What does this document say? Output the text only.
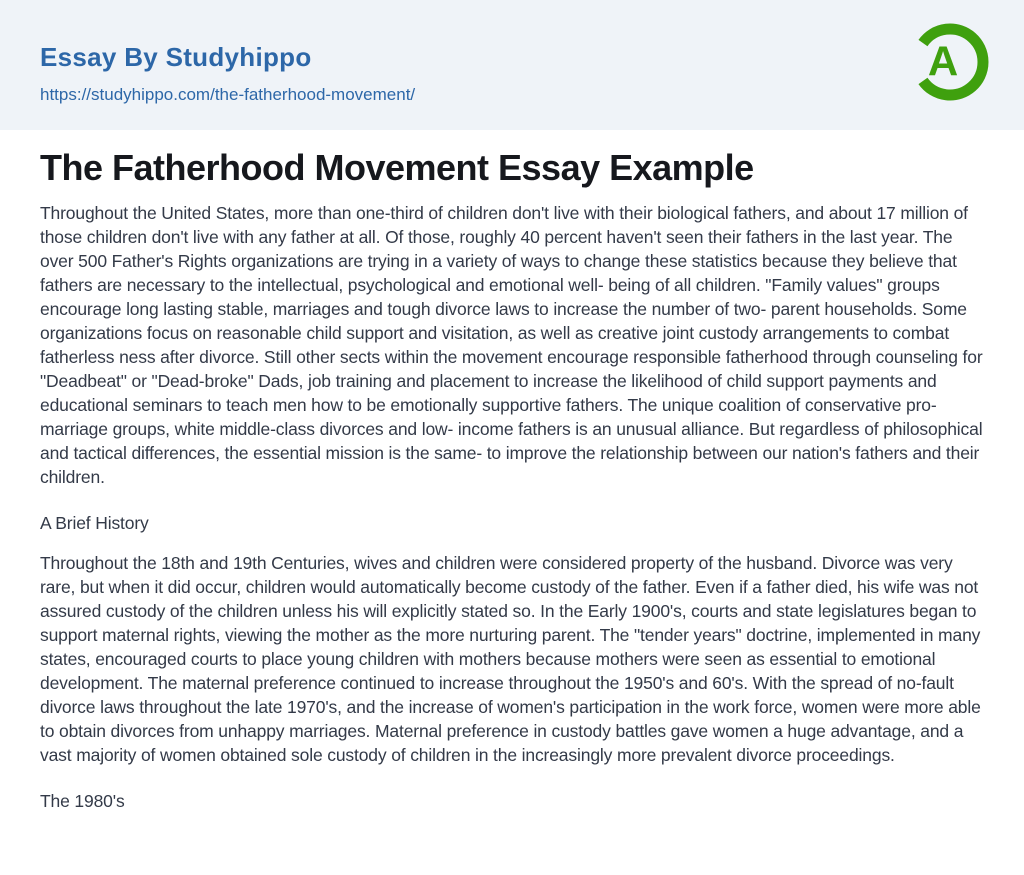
Essay By Studyhippo
https://studyhippo.com/the-fatherhood-movement/
A
The Fatherhood Movement Essay Example

Throughout the United States, more than one-third of children don't live with their biological fathers, and about 17 million of those children don't live with any father at all. Of those, roughly 40 percent haven't seen their fathers in the last year. The over 500 Father's Rights organizations are trying in a variety of ways to change these statistics because they believe that fathers are necessary to the intellectual, psychological and emotional well- being of all children. "Family values" groups encourage long lasting stable, marriages and tough divorce laws to increase the number of two- parent households. Some organizations focus on reasonable child support and visitation, as well as creative joint custody arrangements to combat fatherless ness after divorce. Still other sects within the movement encourage responsible fatherhood through counseling for "Deadbeat" or "Dead-broke" Dads, job training and placement to increase the likelihood of child support payments and educational seminars to teach men how to be emotionally supportive fathers. The unique coalition of conservative pro-marriage groups, white middle-class divorces and low- income fathers is an unusual alliance. But regardless of philosophical and tactical differences, the essential mission is the same- to improve the relationship between our nation's fathers and their children.

A Brief History

Throughout the 18th and 19th Centuries, wives and children were considered property of the husband. Divorce was very rare, but when it did occur, children would automatically become custody of the father. Even if a father died, his wife was not assured custody of the children unless his will explicitly stated so. In the Early 1900's, courts and state legislatures began to support maternal rights, viewing the mother as the more nurturing parent. The "tender years" doctrine, implemented in many states, encouraged courts to place young children with mothers because mothers were seen as essential to emotional development. The maternal preference continued to increase throughout the 1950's and 60's. With the spread of no-fault divorce laws throughout the late 1970's, and the increase of women's participation in the work force, women were more able to obtain divorces from unhappy marriages. Maternal preference in custody battles gave women a huge advantage, and a vast majority of women obtained sole custody of children in the increasingly more prevalent divorce proceedings.

The 1980's
